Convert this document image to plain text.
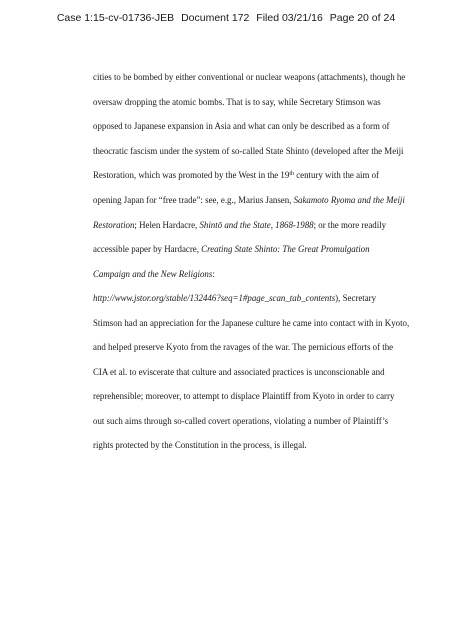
Case 1:15-cv-01736-JEB Document 172 Filed 03/21/16 Page 20 of 24
cities to be bombed by either conventional or nuclear weapons (attachments), though he
oversaw dropping the atomic bombs. That is to say, while Secretary Stimson was
opposed to Japanese expansion in Asia and what can only be described as a form of
theocratic fascism under the system of so-called State Shinto (developed after the Meiji
Restoration, which was promoted by the West in the 19th century with the aim of
opening Japan for “free trade”: see, e.g., Marius Jansen, Sakamoto Ryoma and the Meiji
Restoration; Helen Hardacre, Shintō and the State, 1868-1988; or the more readily
accessible paper by Hardacre, Creating State Shinto: The Great Promulgation
Campaign and the New Religions:
http://www.jstor.org/stable/132446?seq=1#page_scan_tab_contents), Secretary
Stimson had an appreciation for the Japanese culture he came into contact with in Kyoto,
and helped preserve Kyoto from the ravages of the war. The pernicious efforts of the
CIA et al. to eviscerate that culture and associated practices is unconscionable and
reprehensible; moreover, to attempt to displace Plaintiff from Kyoto in order to carry
out such aims through so-called covert operations, violating a number of Plaintiff’s
rights protected by the Constitution in the process, is illegal.
